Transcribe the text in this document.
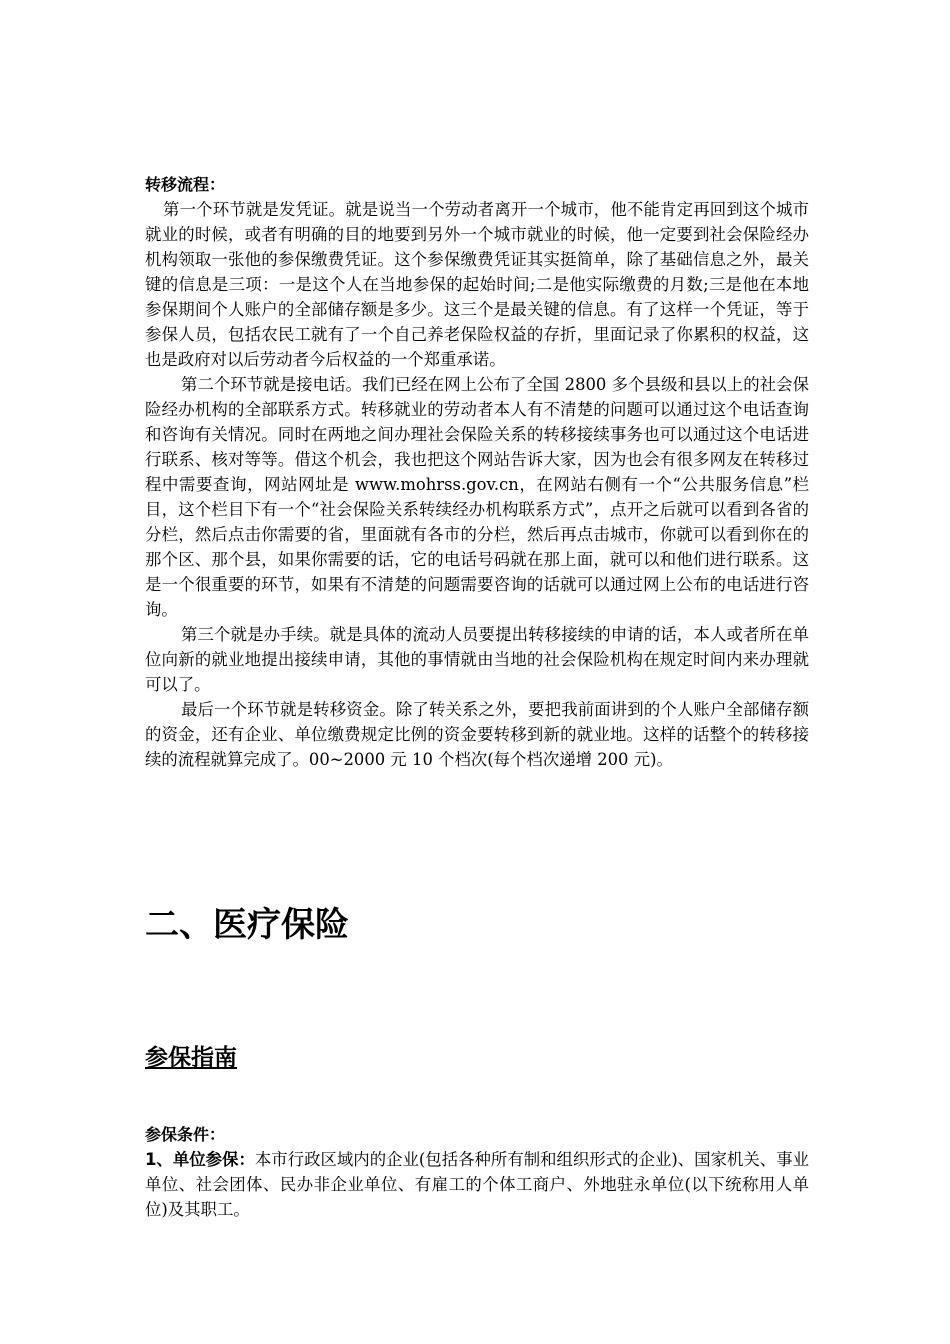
转移流程：

第一个环节就是发凭证。就是说当一个劳动者离开一个城市，他不能肯定再回到这个城市就业的时候，或者有明确的目的地要到另外一个城市就业的时候，他一定要到社会保险经办机构领取一张他的参保缴费凭证。这个参保缴费凭证其实挺简单，除了基础信息之外，最关键的信息是三项：一是这个人在当地参保的起始时间;二是他实际缴费的月数;三是他在本地参保期间个人账户的全部储存额是多少。这三个是最关键的信息。有了这样一个凭证，等于参保人员，包括农民工就有了一个自己养老保险权益的存折，里面记录了你累积的权益，这也是政府对以后劳动者今后权益的一个郑重承诺。

第二个环节就是接电话。我们已经在网上公布了全国 2800 多个县级和县以上的社会保险经办机构的全部联系方式。转移就业的劳动者本人有不清楚的问题可以通过这个电话查询和咨询有关情况。同时在两地之间办理社会保险关系的转移接续事务也可以通过这个电话进行联系、核对等等。借这个机会，我也把这个网站告诉大家，因为也会有很多网友在转移过程中需要查询，网站网址是 www.mohrss.gov.cn，在网站右侧有一个“公共服务信息”栏目，这个栏目下有一个“社会保险关系转续经办机构联系方式”，点开之后就可以看到各省的分栏，然后点击你需要的省，里面就有各市的分栏，然后再点击城市，你就可以看到你在的那个区、那个县，如果你需要的话，它的电话号码就在那上面，就可以和他们进行联系。这是一个很重要的环节，如果有不清楚的问题需要咨询的话就可以通过网上公布的电话进行咨询。

第三个就是办手续。就是具体的流动人员要提出转移接续的申请的话，本人或者所在单位向新的就业地提出接续申请，其他的事情就由当地的社会保险机构在规定时间内来办理就可以了。

最后一个环节就是转移资金。除了转关系之外，要把我前面讲到的个人账户全部储存额的资金，还有企业、单位缴费规定比例的资金要转移到新的就业地。这样的话整个的转移接续的流程就算完成了。00~2000 元 10 个档次(每个档次递增 200 元)。

二、医疗保险
参保指南

参保条件：

1、单位参保：本市行政区域内的企业(包括各种所有制和组织形式的企业)、国家机关、事业单位、社会团体、民办非企业单位、有雇工的个体工商户、外地驻永单位(以下统称用人单位)及其职工。
